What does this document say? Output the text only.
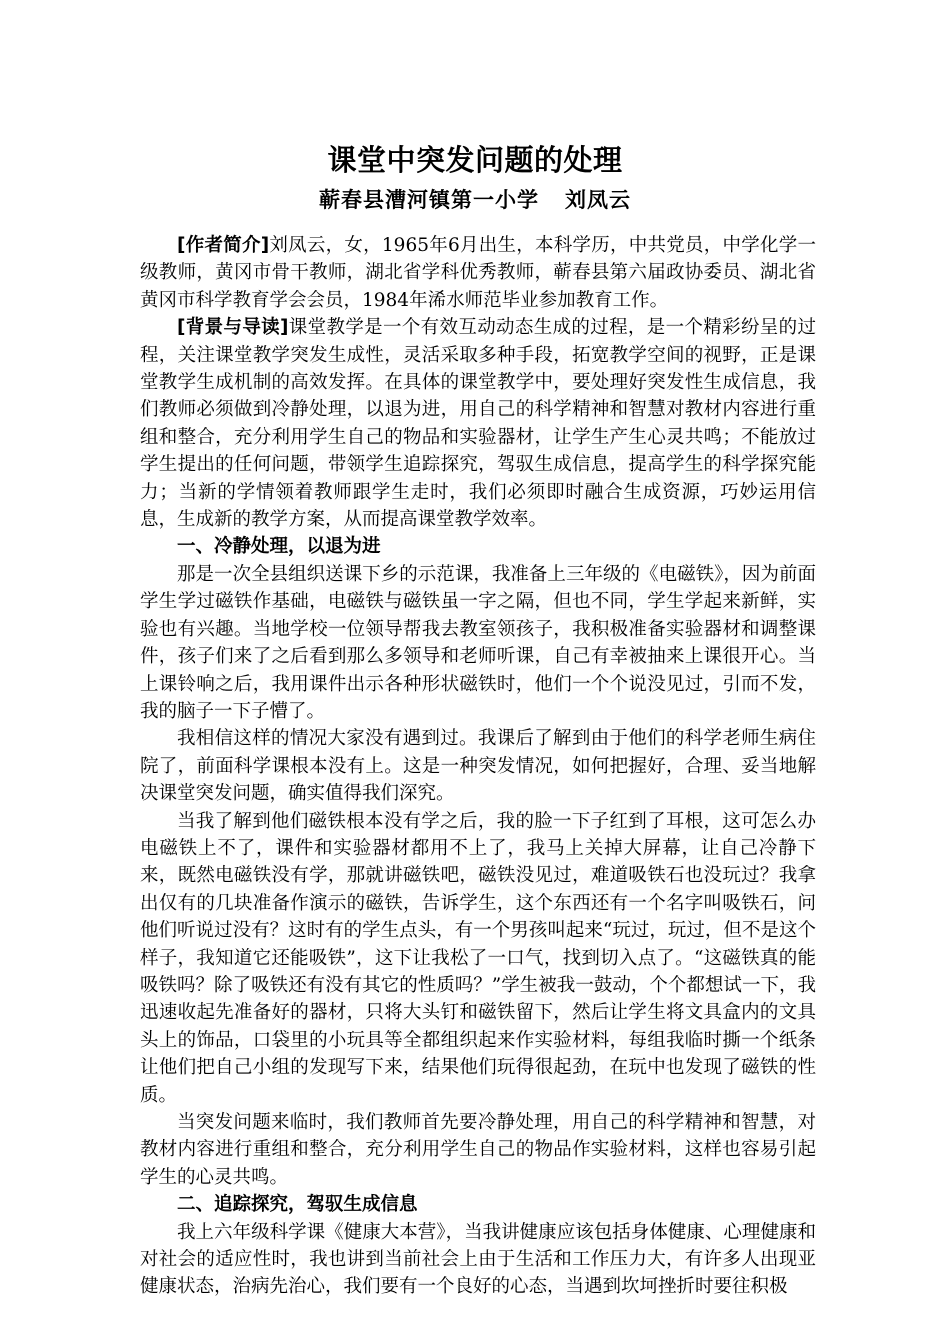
课堂中突发问题的处理
蕲春县漕河镇第一小学 刘凤云

[作者简介]刘凤云，女，1965年6月出生，本科学历，中共党员，中学化学一级教师，黄冈市骨干教师，湖北省学科优秀教师，蕲春县第六届政协委员、湖北省黄冈市科学教育学会会员，1984年浠水师范毕业参加教育工作。

[背景与导读]课堂教学是一个有效互动动态生成的过程，是一个精彩纷呈的过程，关注课堂教学突发生成性，灵活采取多种手段，拓宽教学空间的视野，正是课堂教学生成机制的高效发挥。在具体的课堂教学中，要处理好突发性生成信息，我们教师必须做到冷静处理，以退为进，用自己的科学精神和智慧对教材内容进行重组和整合，充分利用学生自己的物品和实验器材，让学生产生心灵共鸣；不能放过学生提出的任何问题，带领学生追踪探究，驾驭生成信息，提高学生的科学探究能力；当新的学情领着教师跟学生走时，我们必须即时融合生成资源，巧妙运用信息，生成新的教学方案，从而提高课堂教学效率。

一、冷静处理，以退为进

那是一次全县组织送课下乡的示范课，我准备上三年级的《电磁铁》，因为前面学生学过磁铁作基础，电磁铁与磁铁虽一字之隔，但也不同，学生学起来新鲜，实验也有兴趣。当地学校一位领导帮我去教室领孩子，我积极准备实验器材和调整课件，孩子们来了之后看到那么多领导和老师听课，自己有幸被抽来上课很开心。当上课铃响之后，我用课件出示各种形状磁铁时，他们一个个说没见过，引而不发，我的脑子一下子懵了。

我相信这样的情况大家没有遇到过。我课后了解到由于他们的科学老师生病住院了，前面科学课根本没有上。这是一种突发情况，如何把握好，合理、妥当地解决课堂突发问题，确实值得我们深究。

当我了解到他们磁铁根本没有学之后，我的脸一下子红到了耳根，这可怎么办电磁铁上不了，课件和实验器材都用不上了，我马上关掉大屏幕，让自己冷静下来，既然电磁铁没有学，那就讲磁铁吧，磁铁没见过，难道吸铁石也没玩过？我拿出仅有的几块准备作演示的磁铁，告诉学生，这个东西还有一个名字叫吸铁石，问他们听说过没有？这时有的学生点头，有一个男孩叫起来“玩过，玩过，但不是这个样子，我知道它还能吸铁”，这下让我松了一口气，找到切入点了。“这磁铁真的能吸铁吗？除了吸铁还有没有其它的性质吗？”学生被我一鼓动，个个都想试一下，我迅速收起先准备好的器材，只将大头钉和磁铁留下，然后让学生将文具盒内的文具头上的饰品，口袋里的小玩具等全都组织起来作实验材料，每组我临时撕一个纸条让他们把自己小组的发现写下来，结果他们玩得很起劲，在玩中也发现了磁铁的性质。

当突发问题来临时，我们教师首先要冷静处理，用自己的科学精神和智慧，对教材内容进行重组和整合，充分利用学生自己的物品作实验材料，这样也容易引起学生的心灵共鸣。

二、追踪探究，驾驭生成信息

我上六年级科学课《健康大本营》，当我讲健康应该包括身体健康、心理健康和对社会的适应性时，我也讲到当前社会上由于生活和工作压力大，有许多人出现亚健康状态，治病先治心，我们要有一个良好的心态，当遇到坎坷挫折时要往积极
